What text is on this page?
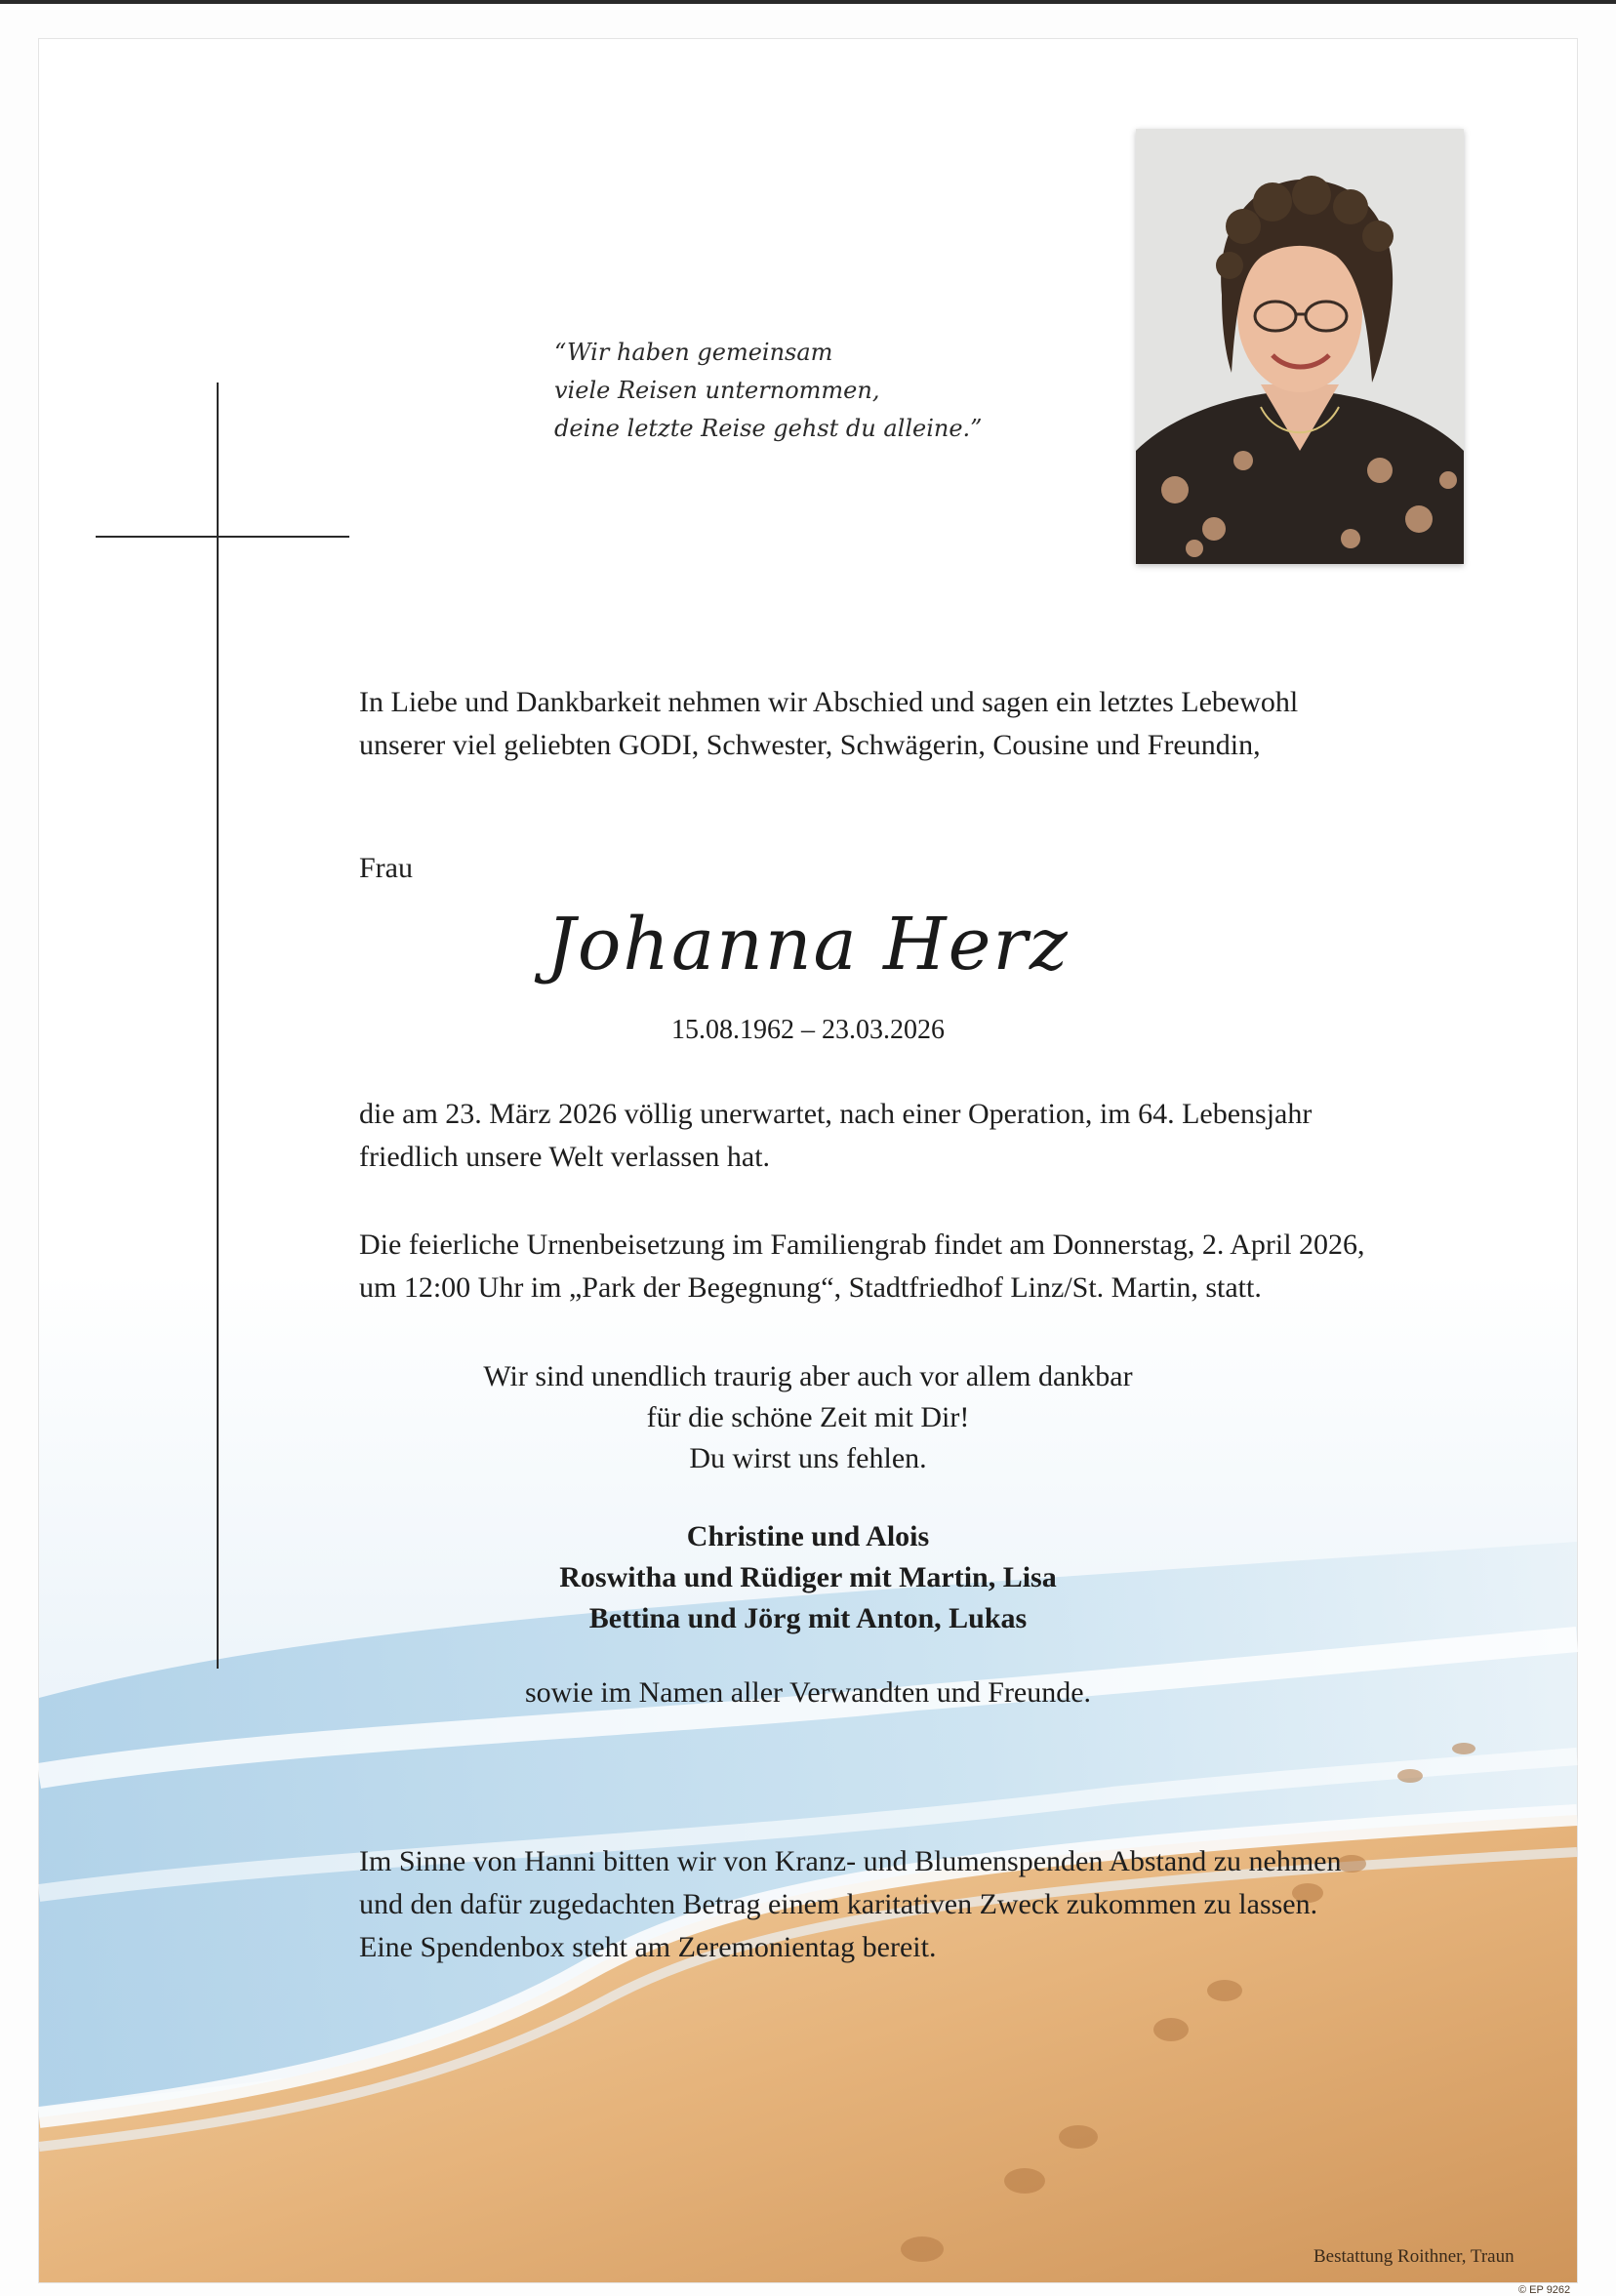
“Wir haben gemeinsam
viele Reisen unternommen,
deine letzte Reise gehst du alleine.”
In Liebe und Dankbarkeit nehmen wir Abschied und sagen ein letztes Lebewohl
unserer viel geliebten GODI, Schwester, Schwägerin, Cousine und Freundin,
Frau
Johanna Herz
15.08.1962 – 23.03.2026
die am 23. März 2026 völlig unerwartet, nach einer Operation, im 64. Lebensjahr
friedlich unsere Welt verlassen hat.
Die feierliche Urnenbeisetzung im Familiengrab findet am Donnerstag, 2. April 2026,
um 12:00 Uhr im „Park der Begegnung“, Stadtfriedhof Linz/St. Martin, statt.
Wir sind unendlich traurig aber auch vor allem dankbar
für die schöne Zeit mit Dir!
Du wirst uns fehlen.
Christine und Alois
Roswitha und Rüdiger mit Martin, Lisa
Bettina und Jörg mit Anton, Lukas
sowie im Namen aller Verwandten und Freunde.
Im Sinne von Hanni bitten wir von Kranz- und Blumenspenden Abstand zu nehmen
und den dafür zugedachten Betrag einem karitativen Zweck zukommen zu lassen.
Eine Spendenbox steht am Zeremonientag bereit.
Bestattung Roithner, Traun
© EP 9262
